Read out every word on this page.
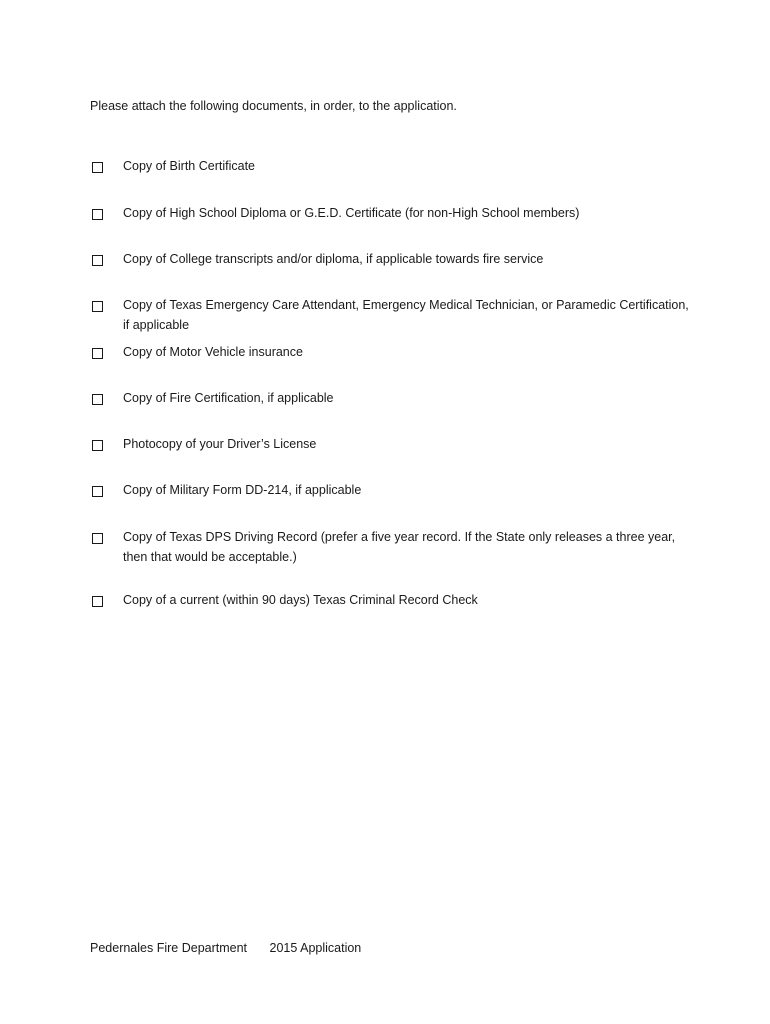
Please attach the following documents, in order, to the application.
Copy of Birth Certificate
Copy of High School Diploma or G.E.D. Certificate (for non-High School members)
Copy of College transcripts and/or diploma, if applicable towards fire service
Copy of Texas Emergency Care Attendant, Emergency Medical Technician, or Paramedic Certification, if applicable
Copy of Motor Vehicle insurance
Copy of Fire Certification, if applicable
Photocopy of your Driver’s License
Copy of Military Form DD-214, if applicable
Copy of Texas DPS Driving Record (prefer a five year record. If the State only releases a three year, then that would be acceptable.)
Copy of a current (within 90 days) Texas Criminal Record Check
Pedernales Fire Department 2015 Application
